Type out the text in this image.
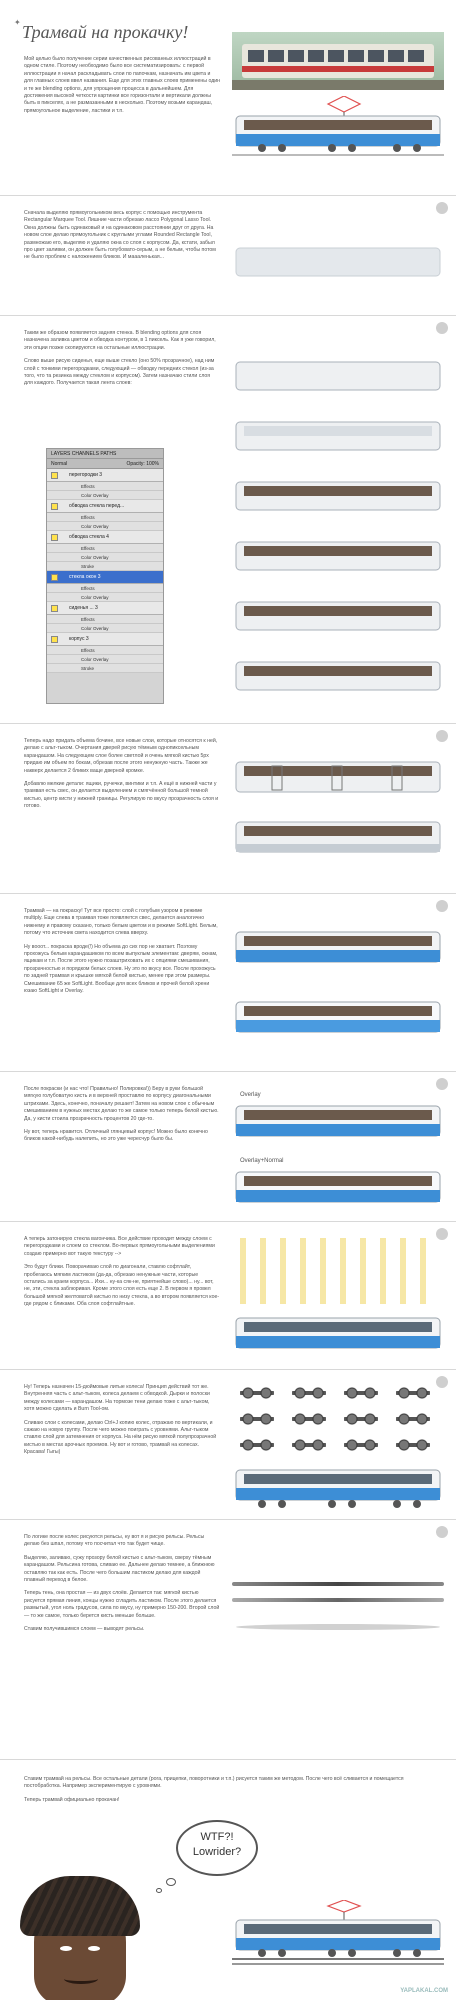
✦ Трамвай на прокачку!

Мой целью было получение серии качественных рисованных иллюстраций в одном стиле. Поэтому необходимо было все систематизировать: с первой иллюстрации я начал раскладывать слои по папочкам, назначать им цвета и для главных слоев ввел названия. Еще для этих главных слоев применены один и те же blending options, для упрощения процесса в дальнейшем. Для достижения высокой четкости картинки все горизонтали и вертикали должны быть в пикселях, а не размазанными в несколько. Поэтому возьми карандаш, прямоугольное выделение, ластики и т.п.

Сначала выделяю прямоугольником весь корпус с помощью инструмента Rectangular Marquee Tool. Лишние части обрезаю лассо Polygonal Lasso Tool. Окна должны быть одинаковый и на одинаковом расстоянии друг от друга. На новом слое делаю прямоугольник с круглыми углами Rounded Rectangle Tool, размножаю его, выделяю и удаляю окна со слоя с корпусом. Да, кстати, забыл про цвет заливки, он должен быть голубовато-серым, а не белым, чтобы потом не было проблем с наложением бликов. И маааленькая...

Таким же образом появляется задняя стенка. В blending options для слоя назначена заливка цветом и обводка контуром, в 1 пиксель. Как я уже говорил, эти опции позже скопируются на остальные иллюстрации.

Слово выше рисую сиденья, еще выше стекло (оно 50% прозрачное), над ним слой с тонкими перегородками, следующий — обводку передних стекол (из-за того, что та резинка между стеклом и корпусом). Затем назначаю стили слоя для каждого. Получается такая лента слоев:

LAYERS CHANNELS PATHS
Normal	Opacity: 100%
перегородки 3
Effects
Color Overlay
обводка стекла перед...
Effects
Color Overlay
обводка стекла 4
Effects
Color Overlay
Stroke
стекла окон 3
Effects
Color Overlay
сиденья ... 3
Effects
Color Overlay
корпус 3
Effects
Color Overlay
Stroke

Теперь надо придать объема бочине, все новые слои, которые относятся к ней, делаю с альт-тыком. Очертания дверей рисую тёмным однопиксельным карандашом. На следующем слое более светлой и очень мягкой кистью 5px придаю им объем по бокам, обрезав после этого ненужную часть. Также же накверх делается 2 бликих ваще дверной кромке.

Добавлю мелкие детали: ящики, ручечки, винтики и т.п. А ещё в нижней части у трамвая есть свес, он делается выделением и смягчённой большой темной кистью, центр кисти у нижней границы. Регулирую по вкусу прозрачность слоя и готово.

Трамвай — на покраску! Тут все просто: слой с голубым узором в режиме multiply. Еще слева в трамвая тоже появляется свес, делается аналогично нижнему и правому сказано, только белым цветом и в режиме SoftLight. Белым, потому что источник света находится слева вверху.

Ну вооот... покраска вроде(!) Но объема до сих пор не хватает. Поэтому прохожусь белым карандашиком по всем выпуклым элементам: дверям, окнам, ящикам и т.п. После этого нужно позаштриховать их с опциями смешивания, прозрачностью и порядком белых слоев. Ну это по вкусу все. После прохожусь по задней трамвая и крышке мягкой белой кистью, менее при этом размеры. Смешивание 65 же SoftLight. Вообще для всех бликов и прочей белой хрени юзаю SoftLight и Overlay.

После покраски (и нас что! Правильно! Полировка!)) Беру в руки большой мягкую голубоватую кисть и в верхней проставлю по корпусу диагональными штрихами. Здесь, конечно, поначалу решает! Затем на новом слое с обычным смешиванием в нужных местах делаю то же самое только теперь белой кистью. Да, у кисти стоила прозрачность процентов 20 где-то.

Ну вот, теперь нравится. Отличный глянцевый корпус! Можно было конечно бликов какой-нибудь налепить, но это уже чересчур было бы.

Overlay
Overlay+Normal

А теперь затонирую стекла вагончика. Все действие проходит между слоем с перегородками и слоем со стеклом. Во-первых прямоугольными выделениями создаю примерно вот такую текстуру -->

Это будут блики. Поворачиваю слой по диагонали, ставлю софтлайт, пробегаюсь мягким ластиком (да-да, обрезаю ненужные части, которые остались за краем корпуса... Ихи... ну-ка сяк-не, приятнейше слово)... ну... вот, не, эти, стекла заблюривая. Кроме этого слоя есть еще 2. В первом я провел большой мягкой желтоватой кистью по низу стекла, а во втором появляется кое-где рядом с бликами. Оба слоя софтлайтные.

Ну! Теперь назначен 15-дюймовые литые колеса! Принцип действий тот же. Внутренняя часть с альт-тыком, колеса делаем с обводкой. Дырки и полоски между колесами — карандашом. На тормозе тени делаю тоже с альт-тыком, хотя можно сделать и Burn Tool-ом.

Сливаю слои с колесами, делаю Ctrl+J копию колес, отражаю по вертикали, и сажаю на новую группу. После чего можно поиграть с уровнями. Альт-тыком ставлю слой для затемнения от корпуса. На нём рисую мягкой полупрозрачной кистью в местах арочных проемов. Ну вот и готово, трамвай на колесах. Красава! Гыгы)

По логике после колес рисуются рельсы, ну вот я и рисую рельсы. Рельсы делаю без шпал, потому что посчитал что так будет чище.

Выделяю, заливаю, сужу прозору белой кистью с альт-тыком, сверху тёмным карандашом. Рельсина готова, сливаю ее. Дальнее делаю темнее, а ближнюю оставляю так как есть. После чего большим ластиком делаю для каждой плавный переход в белое.

Теперь тень, она простая — из двух слоёв. Делается так: мягкой кистью рисуется прямая линия, концы нужно сгладить ластиком. После этого делается размытый, угол ноль градусов, сила по вкусу, ну примерно 150-200. Второй слой — то же самое, только берется кисть меньше больше.

Ставим получившимся слоем — выводят рельсы.

Ставим трамвай на рельсы. Все остальные детали (рога, прицепки, поворотники и т.п.) рисуется таким же методом. После чего всё сливается и помещается постобработка. Например экспериментирую с уровнями.

Теперь трамвай официально прокачан!

WTF?! Lowrider?
YAPLAKAL.COM
